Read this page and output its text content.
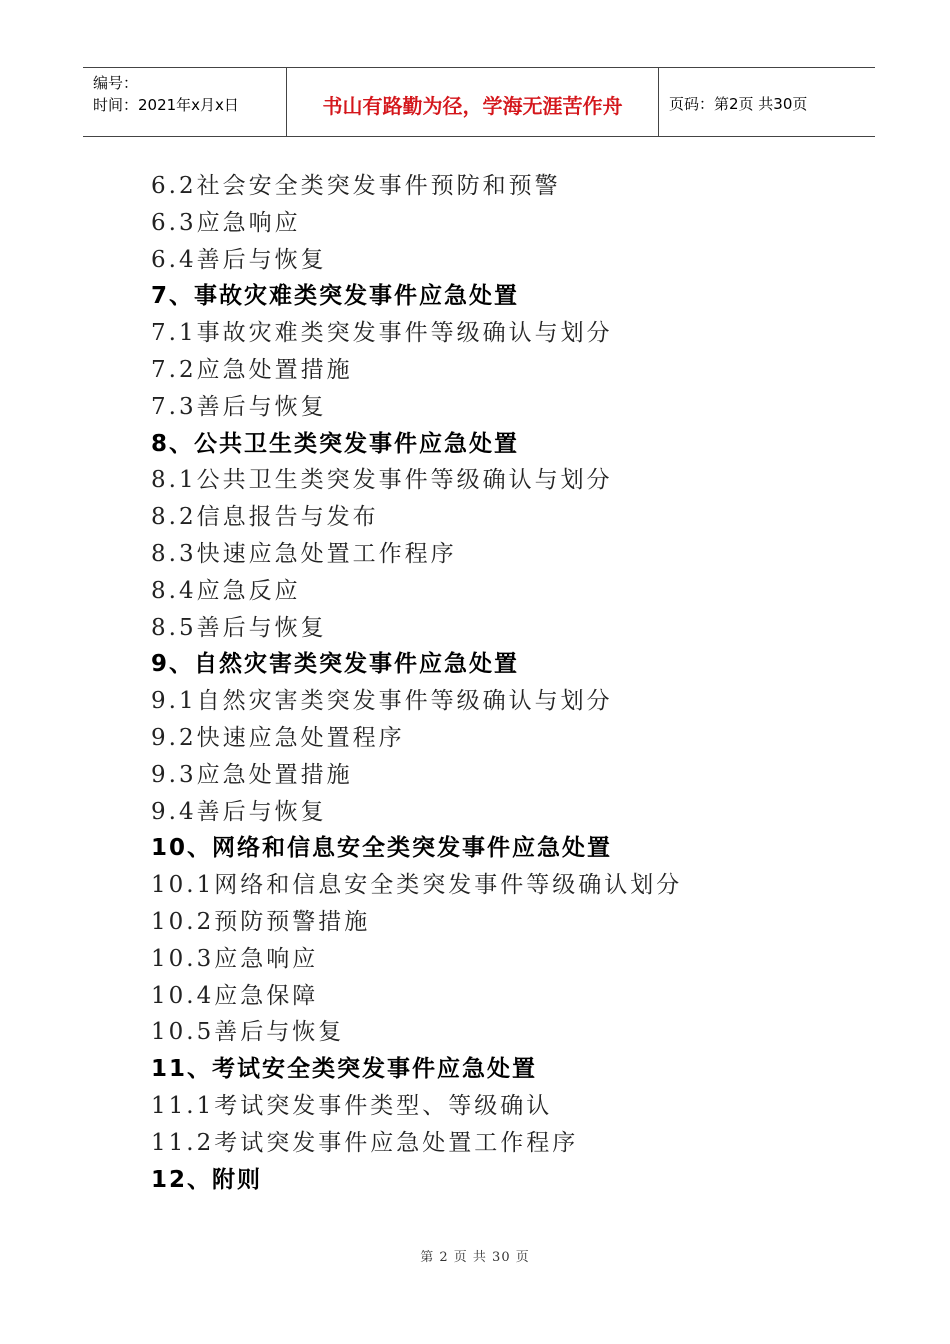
编号：
时间：2021年x月x日	书山有路勤为径，学海无涯苦作舟	页码：第2页 共30页
6.2社会安全类突发事件预防和预警
6.3应急响应
6.4善后与恢复
7、事故灾难类突发事件应急处置
7.1事故灾难类突发事件等级确认与划分
7.2应急处置措施
7.3善后与恢复
8、公共卫生类突发事件应急处置
8.1公共卫生类突发事件等级确认与划分
8.2信息报告与发布
8.3快速应急处置工作程序
8.4应急反应
8.5善后与恢复
9、自然灾害类突发事件应急处置
9.1自然灾害类突发事件等级确认与划分
9.2快速应急处置程序
9.3应急处置措施
9.4善后与恢复
10、网络和信息安全类突发事件应急处置
10.1网络和信息安全类突发事件等级确认划分
10.2预防预警措施
10.3应急响应
10.4应急保障
10.5善后与恢复
11、考试安全类突发事件应急处置
11.1考试突发事件类型、等级确认
11.2考试突发事件应急处置工作程序
12、附则
第 2 页 共 30 页
